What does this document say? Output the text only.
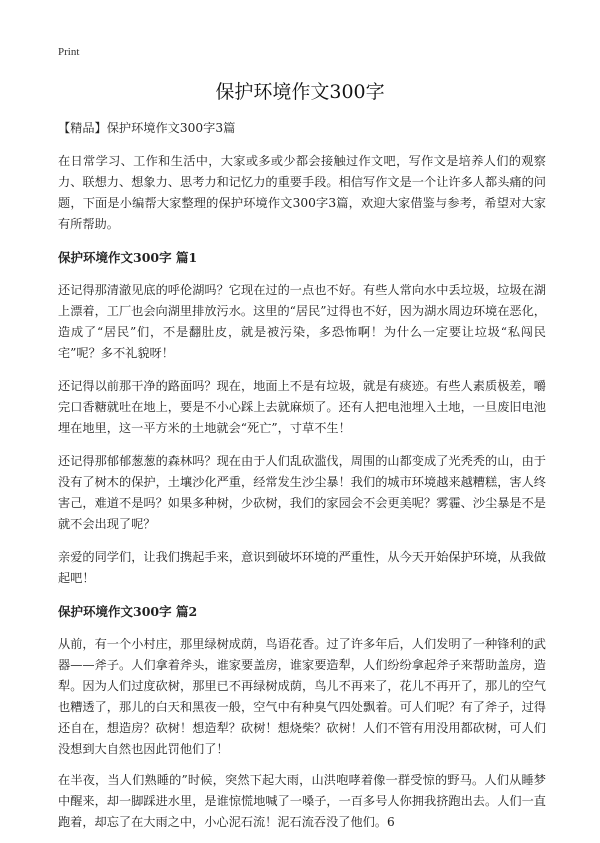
Print
保护环境作文300字
【精品】保护环境作文300字3篇

在日常学习、工作和生活中，大家或多或少都会接触过作文吧，写作文是培养人们的观察力、联想力、想象力、思考力和记忆力的重要手段。相信写作文是一个让许多人都头痛的问题，下面是小编帮大家整理的保护环境作文300字3篇，欢迎大家借鉴与参考，希望对大家有所帮助。

保护环境作文300字 篇1

还记得那清澈见底的呼伦湖吗？它现在过的一点也不好。有些人常向水中丢垃圾，垃圾在湖上漂着，工厂也会向湖里排放污水。这里的“居民”过得也不好，因为湖水周边环境在恶化，造成了“居民”们，不是翻肚皮，就是被污染，多恐怖啊！为什么一定要让垃圾“私闯民宅”呢？多不礼貌呀！

还记得以前那干净的路面吗？现在，地面上不是有垃圾，就是有痰迹。有些人素质极差，嚼完口香糖就吐在地上，要是不小心踩上去就麻烦了。还有人把电池埋入土地，一旦废旧电池埋在地里，这一平方米的土地就会“死亡”，寸草不生！

还记得那郁郁葱葱的森林吗？现在由于人们乱砍滥伐，周围的山都变成了光秃秃的山，由于没有了树木的保护，土壤沙化严重，经常发生沙尘暴！我们的城市环境越来越糟糕，害人终害己，难道不是吗？如果多种树，少砍树，我们的家园会不会更美呢？雾霾、沙尘暴是不是就不会出现了呢？

亲爱的同学们，让我们携起手来，意识到破坏环境的严重性，从今天开始保护环境，从我做起吧！

保护环境作文300字 篇2

从前，有一个小村庄，那里绿树成荫，鸟语花香。过了许多年后，人们发明了一种锋利的武器——斧子。人们拿着斧头，谁家要盖房，谁家要造犁，人们纷纷拿起斧子来帮助盖房，造犁。因为人们过度砍树，那里已不再绿树成荫，鸟儿不再来了，花儿不再开了，那儿的空气也糟透了，那儿的白天和黑夜一般，空气中有种臭气四处飘着。可人们呢？有了斧子，过得还自在，想造房？砍树！想造犁？砍树！想烧柴？砍树！人们不管有用没用都砍树，可人们没想到大自然也因此罚他们了！

在半夜，当人们熟睡的”时候，突然下起大雨，山洪咆哮着像一群受惊的野马。人们从睡梦中醒来，却一脚踩进水里，是谁惊慌地喊了一嗓子，一百多号人你拥我挤跑出去。人们一直跑着，却忘了在大雨之中，小心泥石流！泥石流吞没了他们。6
